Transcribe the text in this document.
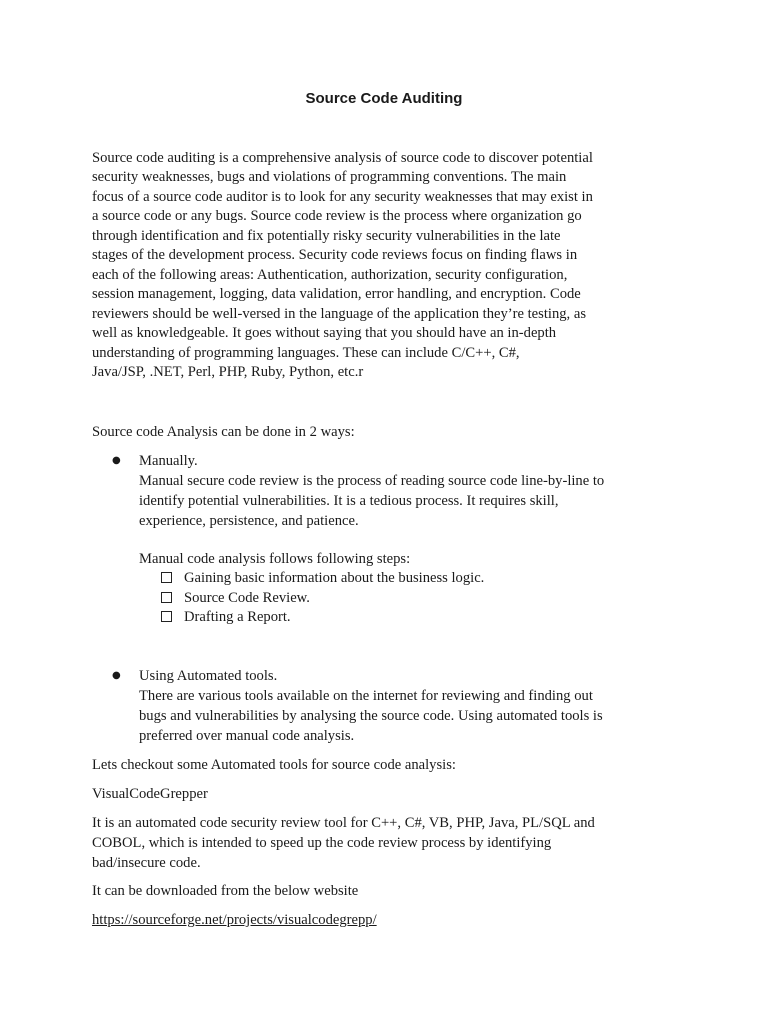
Source Code Auditing

Source code auditing is a comprehensive analysis of source code to discover potential
security weaknesses, bugs and violations of programming conventions. The main
focus of a source code auditor is to look for any security weaknesses that may exist in
a source code or any bugs. Source code review is the process where organization go
through identification and fix potentially risky security vulnerabilities in the late
stages of the development process. Security code reviews focus on finding flaws in
each of the following areas: Authentication, authorization, security configuration,
session management, logging, data validation, error handling, and encryption. Code
reviewers should be well-versed in the language of the application they’re testing, as
well as knowledgeable. It goes without saying that you should have an in-depth
understanding of programming languages. These can include C/C++, C#,
Java/JSP, .NET, Perl, PHP, Ruby, Python, etc.r

Source code Analysis can be done in 2 ways:

● Manually.
Manual secure code review is the process of reading source code line-by-line to
identify potential vulnerabilities. It is a tedious process. It requires skill,
experience, persistence, and patience.
Manual code analysis follows following steps:
Gaining basic information about the business logic.
Source Code Review.
Drafting a Report.
● Using Automated tools.
There are various tools available on the internet for reviewing and finding out
bugs and vulnerabilities by analysing the source code. Using automated tools is
preferred over manual code analysis.

Lets checkout some Automated tools for source code analysis:

VisualCodeGrepper

It is an automated code security review tool for C++, C#, VB, PHP, Java, PL/SQL and
COBOL, which is intended to speed up the code review process by identifying
bad/insecure code.

It can be downloaded from the below website

https://sourceforge.net/projects/visualcodegrepp/
